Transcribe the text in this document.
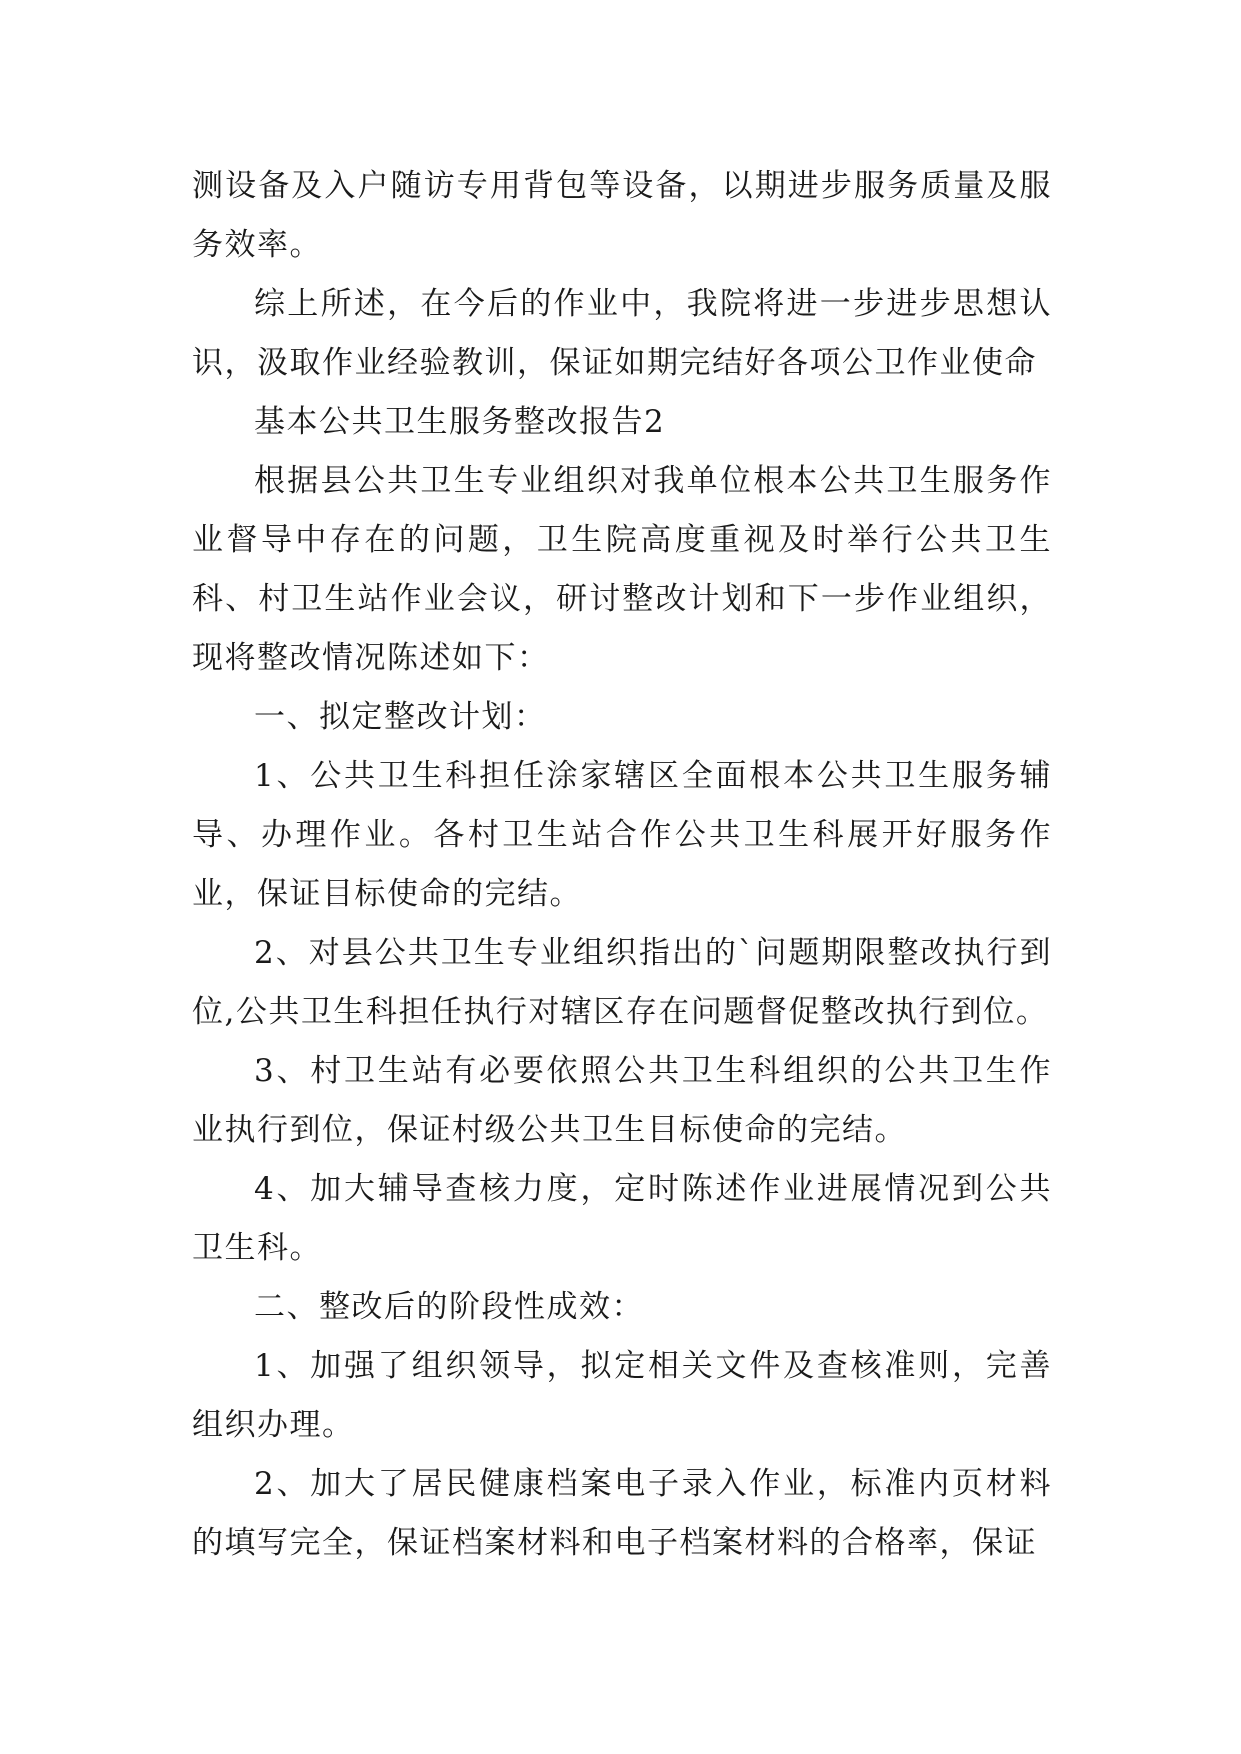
测设备及入户随访专用背包等设备，以期进步服务质量及服务效率。

综上所述，在今后的作业中，我院将进一步进步思想认识，汲取作业经验教训，保证如期完结好各项公卫作业使命

基本公共卫生服务整改报告2

根据县公共卫生专业组织对我单位根本公共卫生服务作业督导中存在的问题，卫生院高度重视及时举行公共卫生科、村卫生站作业会议，研讨整改计划和下一步作业组织，现将整改情况陈述如下：

一、拟定整改计划：

1、公共卫生科担任涂家辖区全面根本公共卫生服务辅导、办理作业。各村卫生站合作公共卫生科展开好服务作业，保证目标使命的完结。

2、对县公共卫生专业组织指出的`问题期限整改执行到位,公共卫生科担任执行对辖区存在问题督促整改执行到位。

3、村卫生站有必要依照公共卫生科组织的公共卫生作业执行到位，保证村级公共卫生目标使命的完结。

4、加大辅导查核力度，定时陈述作业进展情况到公共卫生科。

二、整改后的阶段性成效：

1、加强了组织领导，拟定相关文件及查核准则，完善组织办理。

2、加大了居民健康档案电子录入作业，标准内页材料的填写完全，保证档案材料和电子档案材料的合格率，保证
